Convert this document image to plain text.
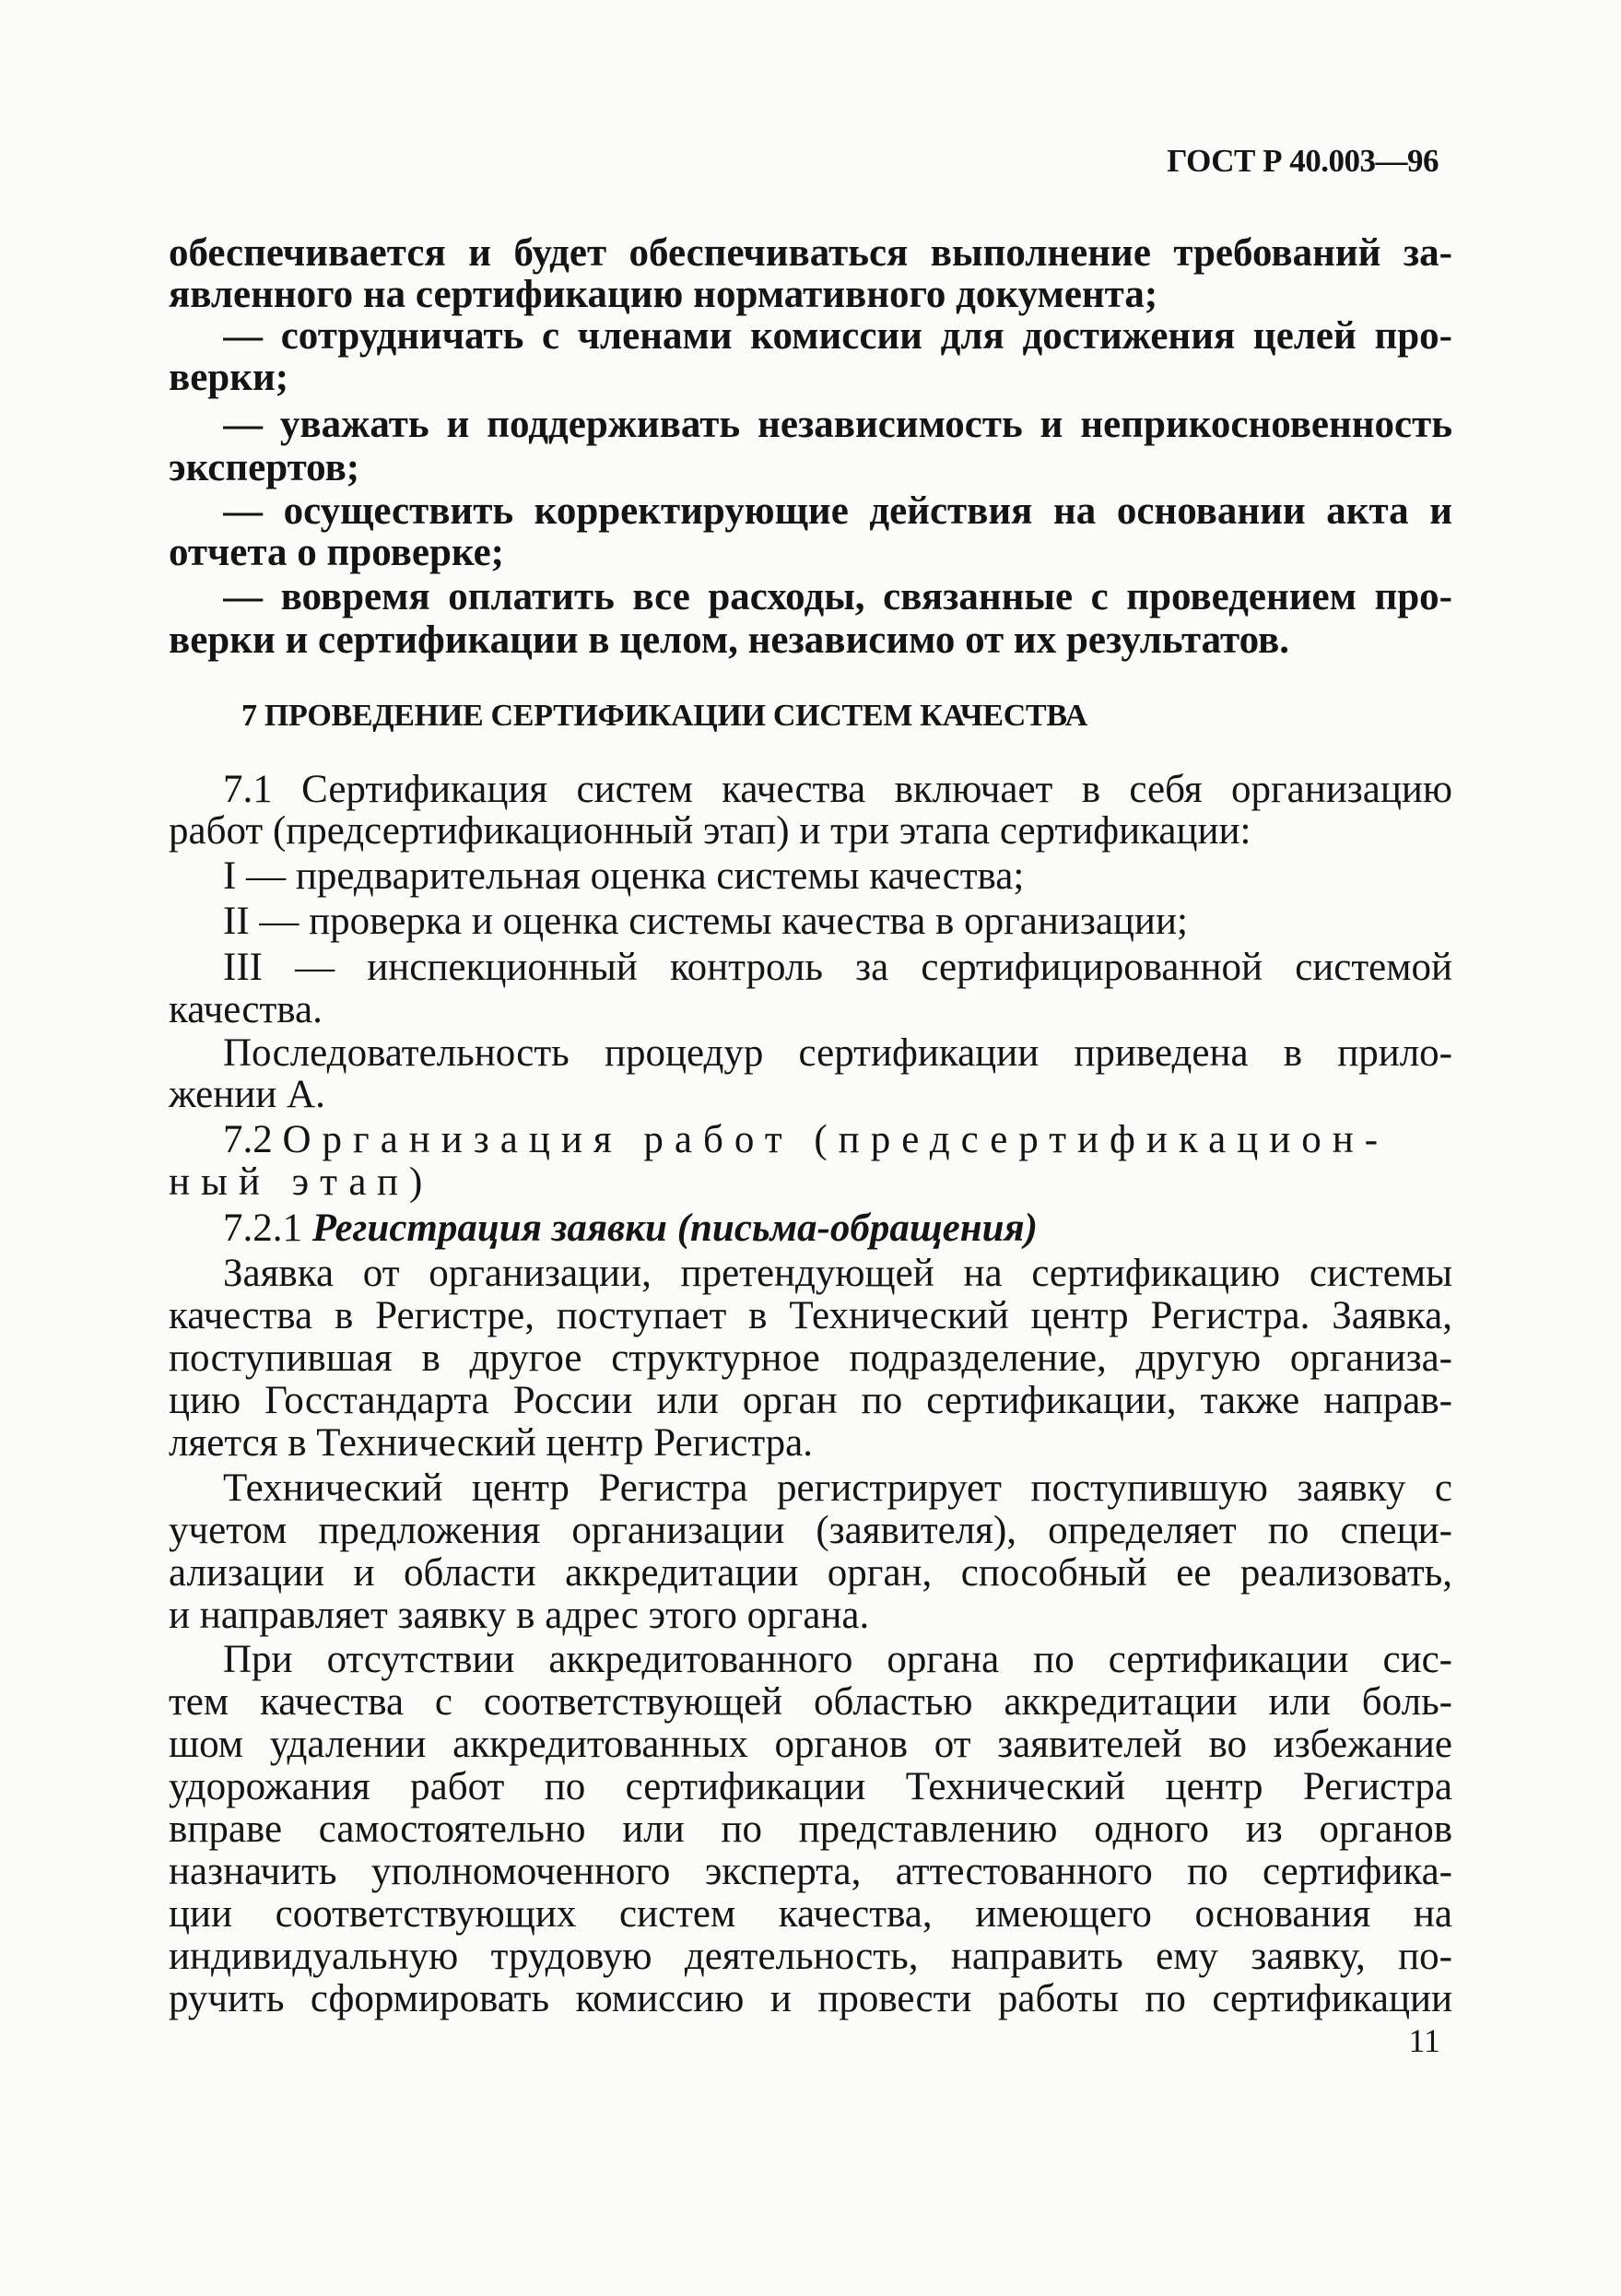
ГОСТ Р 40.003—96
обеспечивается и будет обеспечиваться выполнение требований за-
явленного на сертификацию нормативного документа;
— сотрудничать с членами комиссии для достижения целей про-
верки;
— уважать и поддерживать независимость и неприкосновенность
экспертов;
— осуществить корректирующие действия на основании акта и
отчета о проверке;
— вовремя оплатить все расходы, связанные с проведением про-
верки и сертификации в целом, независимо от их результатов.
7 ПРОВЕДЕНИЕ СЕРТИФИКАЦИИ СИСТЕМ КАЧЕСТВА
7.1 Сертификация систем качества включает в себя организацию
работ (предсертификационный этап) и три этапа сертификации:
I — предварительная оценка системы качества;
II — проверка и оценка системы качества в организации;
III — инспекционный контроль за сертифицированной системой
качества.
Последовательность процедур сертификации приведена в прило-
жении А.
7.2 Организация работ (предсертификацион-
ный этап)
7.2.1 Регистрация заявки (письма-обращения)
Заявка от организации, претендующей на сертификацию системы
качества в Регистре, поступает в Технический центр Регистра. Заявка,
поступившая в другое структурное подразделение, другую организа-
цию Госстандарта России или орган по сертификации, также направ-
ляется в Технический центр Регистра.
Технический центр Регистра регистрирует поступившую заявку с
учетом предложения организации (заявителя), определяет по специ-
ализации и области аккредитации орган, способный ее реализовать,
и направляет заявку в адрес этого органа.
При отсутствии аккредитованного органа по сертификации сис-
тем качества с соответствующей областью аккредитации или боль-
шом удалении аккредитованных органов от заявителей во избежание
удорожания работ по сертификации Технический центр Регистра
вправе самостоятельно или по представлению одного из органов
назначить уполномоченного эксперта, аттестованного по сертифика-
ции соответствующих систем качества, имеющего основания на
индивидуальную трудовую деятельность, направить ему заявку, по-
ручить сформировать комиссию и провести работы по сертификации
11
